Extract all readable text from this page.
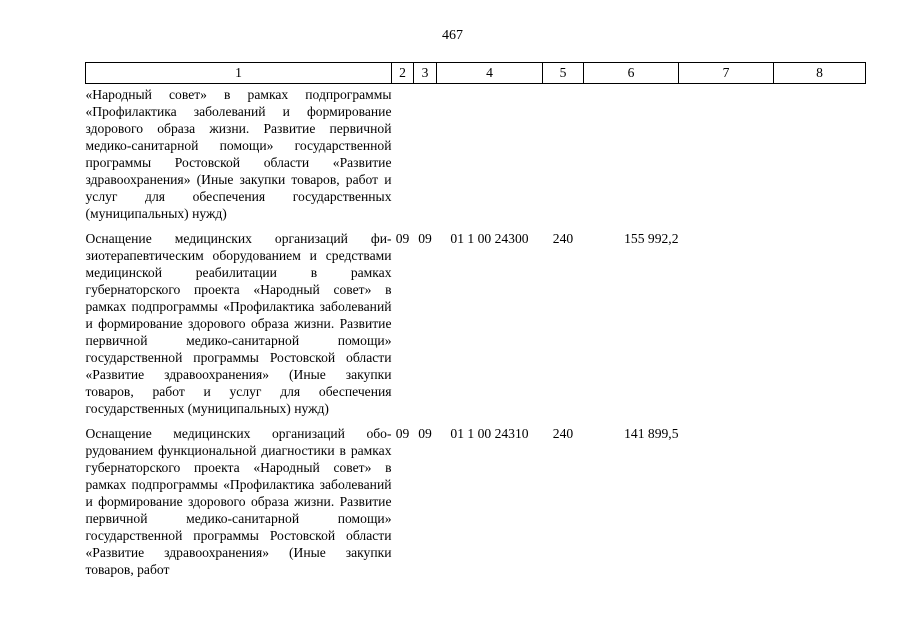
467
1	2	3	4	5	6	7	8
«Народный совет» в рамках подпрограммы «Профилактика заболеваний и формирование здорового образа жизни. Развитие первичной медико-санитарной помощи» государственной программы Ростовской области «Развитие здравоохранения» (Иные закупки товаров, работ и услуг для обеспечения государственных (муниципальных) нужд)							
Оснащение медицинских организаций физиотерапевтическим оборудованием и средствами медицинской реабилитации в рамках губернаторского проекта «Народный совет» в рамках подпрограммы «Профилактика заболеваний и формирование здорового образа жизни. Развитие первичной медико-санитарной помощи» государственной программы Ростовской области «Развитие здравоохранения» (Иные закупки товаров, работ и услуг для обеспечения государственных (муниципальных) нужд)	09	09	01 1 00 24300	240	155 992,2		
Оснащение медицинских организаций оборудованием функциональной диагностики в рамках губернаторского проекта «Народный совет» в рамках подпрограммы «Профилактика заболеваний и формирование здорового образа жизни. Развитие первичной медико-санитарной помощи» государственной программы Ростовской области «Развитие здравоохранения» (Иные закупки товаров, работ	09	09	01 1 00 24310	240	141 899,5		
